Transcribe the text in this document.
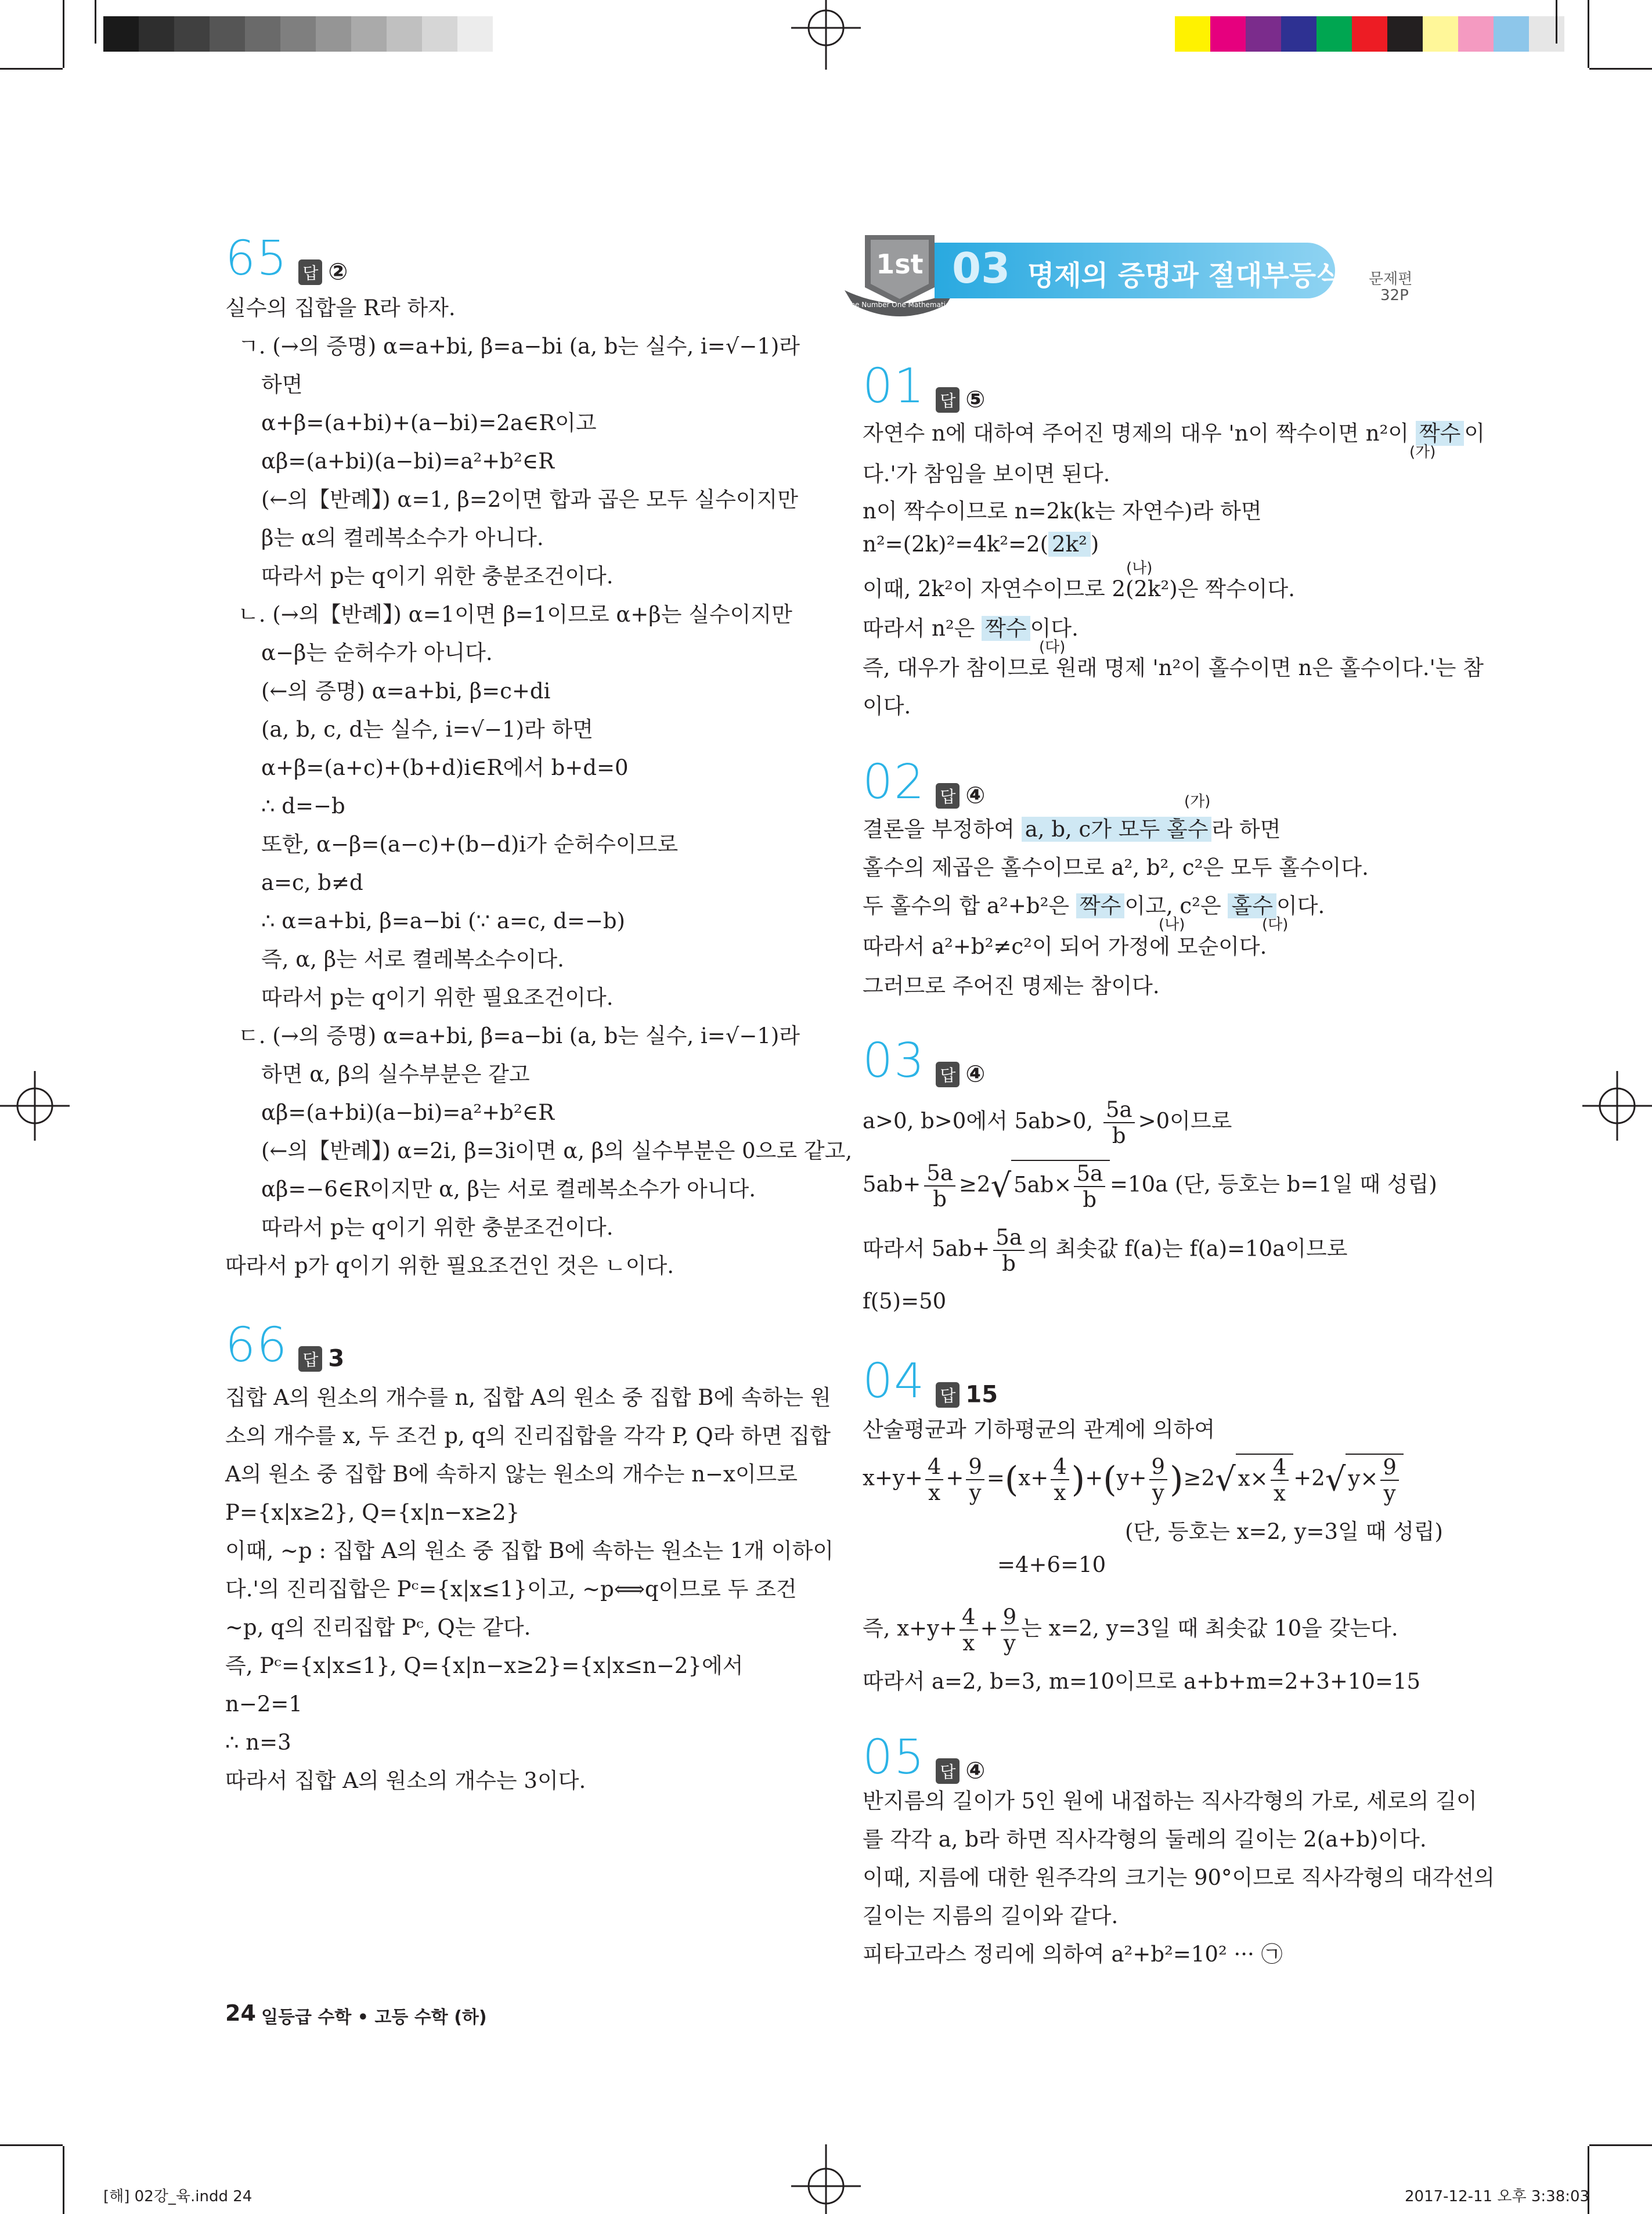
65 답 ②
실수의 집합을 R라 하자.
ㄱ. (→의 증명) α=a+bi, β=a−bi (a, b는 실수, i=√−1)라
하면
α+β=(a+bi)+(a−bi)=2a∈R이고
αβ=(a+bi)(a−bi)=a²+b²∈R
(←의【반례】) α=1, β=2이면 합과 곱은 모두 실수이지만
β는 α의 켤레복소수가 아니다.
따라서 p는 q이기 위한 충분조건이다.
ㄴ. (→의【반례】) α=1이면 β=1이므로 α+β는 실수이지만
α−β는 순허수가 아니다.
(←의 증명) α=a+bi, β=c+di
(a, b, c, d는 실수, i=√−1)라 하면
α+β=(a+c)+(b+d)i∈R에서 b+d=0
∴ d=−b
또한, α−β=(a−c)+(b−d)i가 순허수이므로
a=c, b≠d
∴ α=a+bi, β=a−bi (∵ a=c, d=−b)
즉, α, β는 서로 켤레복소수이다.
따라서 p는 q이기 위한 필요조건이다.
ㄷ. (→의 증명) α=a+bi, β=a−bi (a, b는 실수, i=√−1)라
하면 α, β의 실수부분은 같고
αβ=(a+bi)(a−bi)=a²+b²∈R
(←의【반례】) α=2i, β=3i이면 α, β의 실수부분은 0으로 같고,
αβ=−6∈R이지만 α, β는 서로 켤레복소수가 아니다.
따라서 p는 q이기 위한 충분조건이다.
따라서 p가 q이기 위한 필요조건인 것은 ㄴ이다.
66 답 3
집합 A의 원소의 개수를 n, 집합 A의 원소 중 집합 B에 속하는 원
소의 개수를 x, 두 조건 p, q의 진리집합을 각각 P, Q라 하면 집합
A의 원소 중 집합 B에 속하지 않는 원소의 개수는 n−x이므로
P={x|x≥2}, Q={x|n−x≥2}
이때, ~p : 집합 A의 원소 중 집합 B에 속하는 원소는 1개 이하이
다.'의 진리집합은 Pᶜ={x|x≤1}이고, ~p⟺q이므로 두 조건
~p, q의 진리집합 Pᶜ, Q는 같다.
즉, Pᶜ={x|x≤1}, Q={x|n−x≥2}={x|x≤n−2}에서
n−2=1
∴ n=3
따라서 집합 A의 원소의 개수는 3이다.
1st
The Number One Mathematics
03 명제의 증명과 절대부등식 문제편
32P
01 답 ⑤
자연수 n에 대하여 주어진 명제의 대우 'n이 짝수이면 n²이 짝수 이
(가)
다.'가 참임을 보이면 된다.
n이 짝수이므로 n=2k(k는 자연수)라 하면
n²=(2k)²=4k²=2( 2k² )
(나)
이때, 2k²이 자연수이므로 2(2k²)은 짝수이다.
따라서 n²은 짝수 이다.
(다)
즉, 대우가 참이므로 원래 명제 'n²이 홀수이면 n은 홀수이다.'는 참
이다.
02 답 ④	(가)
결론을 부정하여 a, b, c가 모두 홀수 라 하면
홀수의 제곱은 홀수이므로 a², b², c²은 모두 홀수이다.
두 홀수의 합 a²+b²은 짝수 이고, c²은 홀수 이다.
(나)	(다)
따라서 a²+b²≠c²이 되어 가정에 모순이다.
그러므로 주어진 명제는 참이다.
03 답 ④
a>0, b>0에서 5ab>0, $\frac{5a}{b} >0$이므로
$5ab+ \frac{5a}{b} \ge 2√$ $5ab\times \frac{5a}{b} =10a$ (단, 등호는 b=1일 때 성립)
따라서 $5ab+ \frac{5a}{b}$ 의 최솟값 f(a)는 f(a)=10a이므로
f(5)=50
04 답 15
산술평균과 기하평균의 관계에 의하여
$x+y+ \frac{4}{x} + \frac{9}{y} =(x+ \frac{4}{x} )+(y+ \frac{9}{y} )\ge 2√$ $x\times \frac{4}{x} +2√$ $y\times \frac{9}{y}$
(단, 등호는 x=2, y=3일 때 성립)
=4+6=10
즉, $x+y+ \frac{4}{x} + \frac{9}{y}$ 는 x=2, y=3일 때 최솟값 10을 갖는다.
따라서 a=2, b=3, m=10이므로 a+b+m=2+3+10=15
05 답 ④
반지름의 길이가 5인 원에 내접하는 직사각형의 가로, 세로의 길이
를 각각 a, b라 하면 직사각형의 둘레의 길이는 2(a+b)이다.
이때, 지름에 대한 원주각의 크기는 90°이므로 직사각형의 대각선의
길이는 지름의 길이와 같다.
피타고라스 정리에 의하여 a²+b²=10² ··· ㉠
24 일등급 수학 • 고등 수학 (하)
[해] 02강_육.indd 24	2017-12-11 오후 3:38:03
